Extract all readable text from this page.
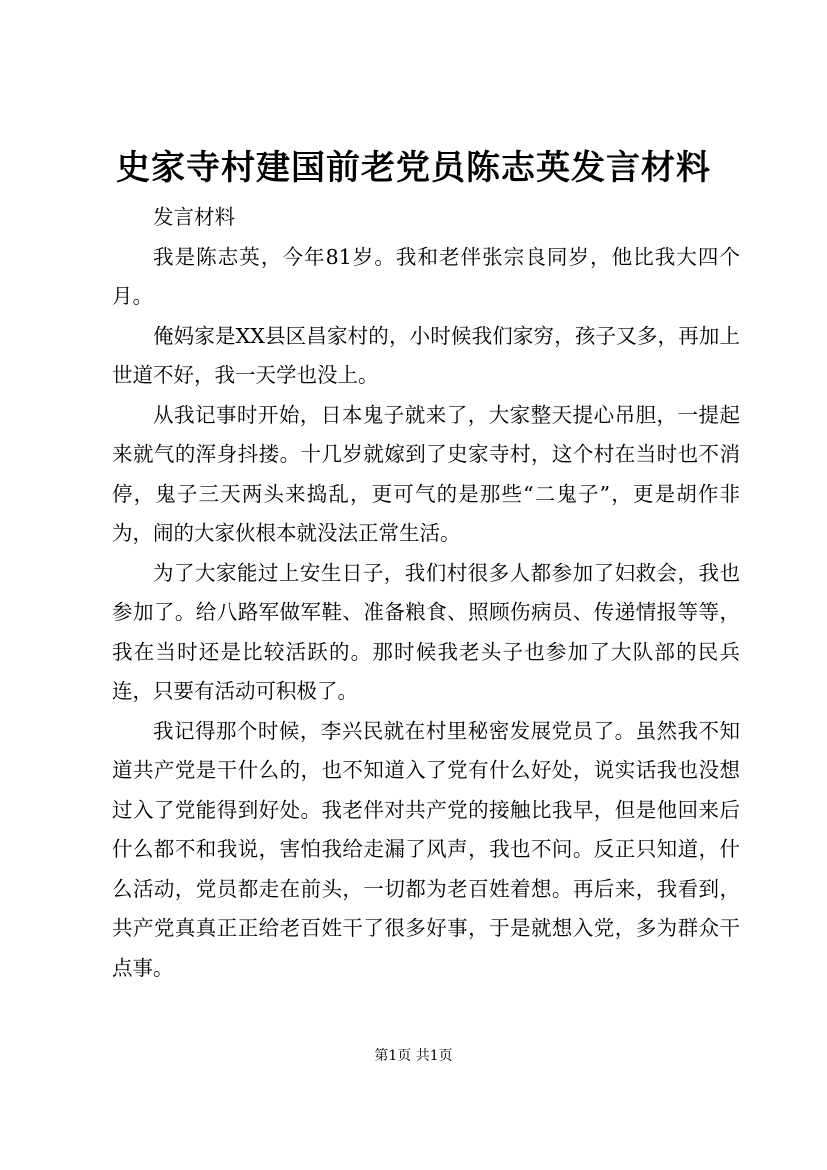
史家寺村建国前老党员陈志英发言材料

发言材料

我是陈志英，今年81岁。我和老伴张宗良同岁，他比我大四个月。

俺妈家是XX县区昌家村的，小时候我们家穷，孩子又多，再加上世道不好，我一天学也没上。

从我记事时开始，日本鬼子就来了，大家整天提心吊胆，一提起来就气的浑身抖搂。十几岁就嫁到了史家寺村，这个村在当时也不消停，鬼子三天两头来捣乱，更可气的是那些“二鬼子”，更是胡作非为，闹的大家伙根本就没法正常生活。

为了大家能过上安生日子，我们村很多人都参加了妇救会，我也参加了。给八路军做军鞋、准备粮食、照顾伤病员、传递情报等等，我在当时还是比较活跃的。那时候我老头子也参加了大队部的民兵连，只要有活动可积极了。

我记得那个时候，李兴民就在村里秘密发展党员了。虽然我不知道共产党是干什么的，也不知道入了党有什么好处，说实话我也没想过入了党能得到好处。我老伴对共产党的接触比我早，但是他回来后什么都不和我说，害怕我给走漏了风声，我也不问。反正只知道，什么活动，党员都走在前头，一切都为老百姓着想。再后来，我看到，共产党真真正正给老百姓干了很多好事，于是就想入党，多为群众干点事。

第1页 共1页
